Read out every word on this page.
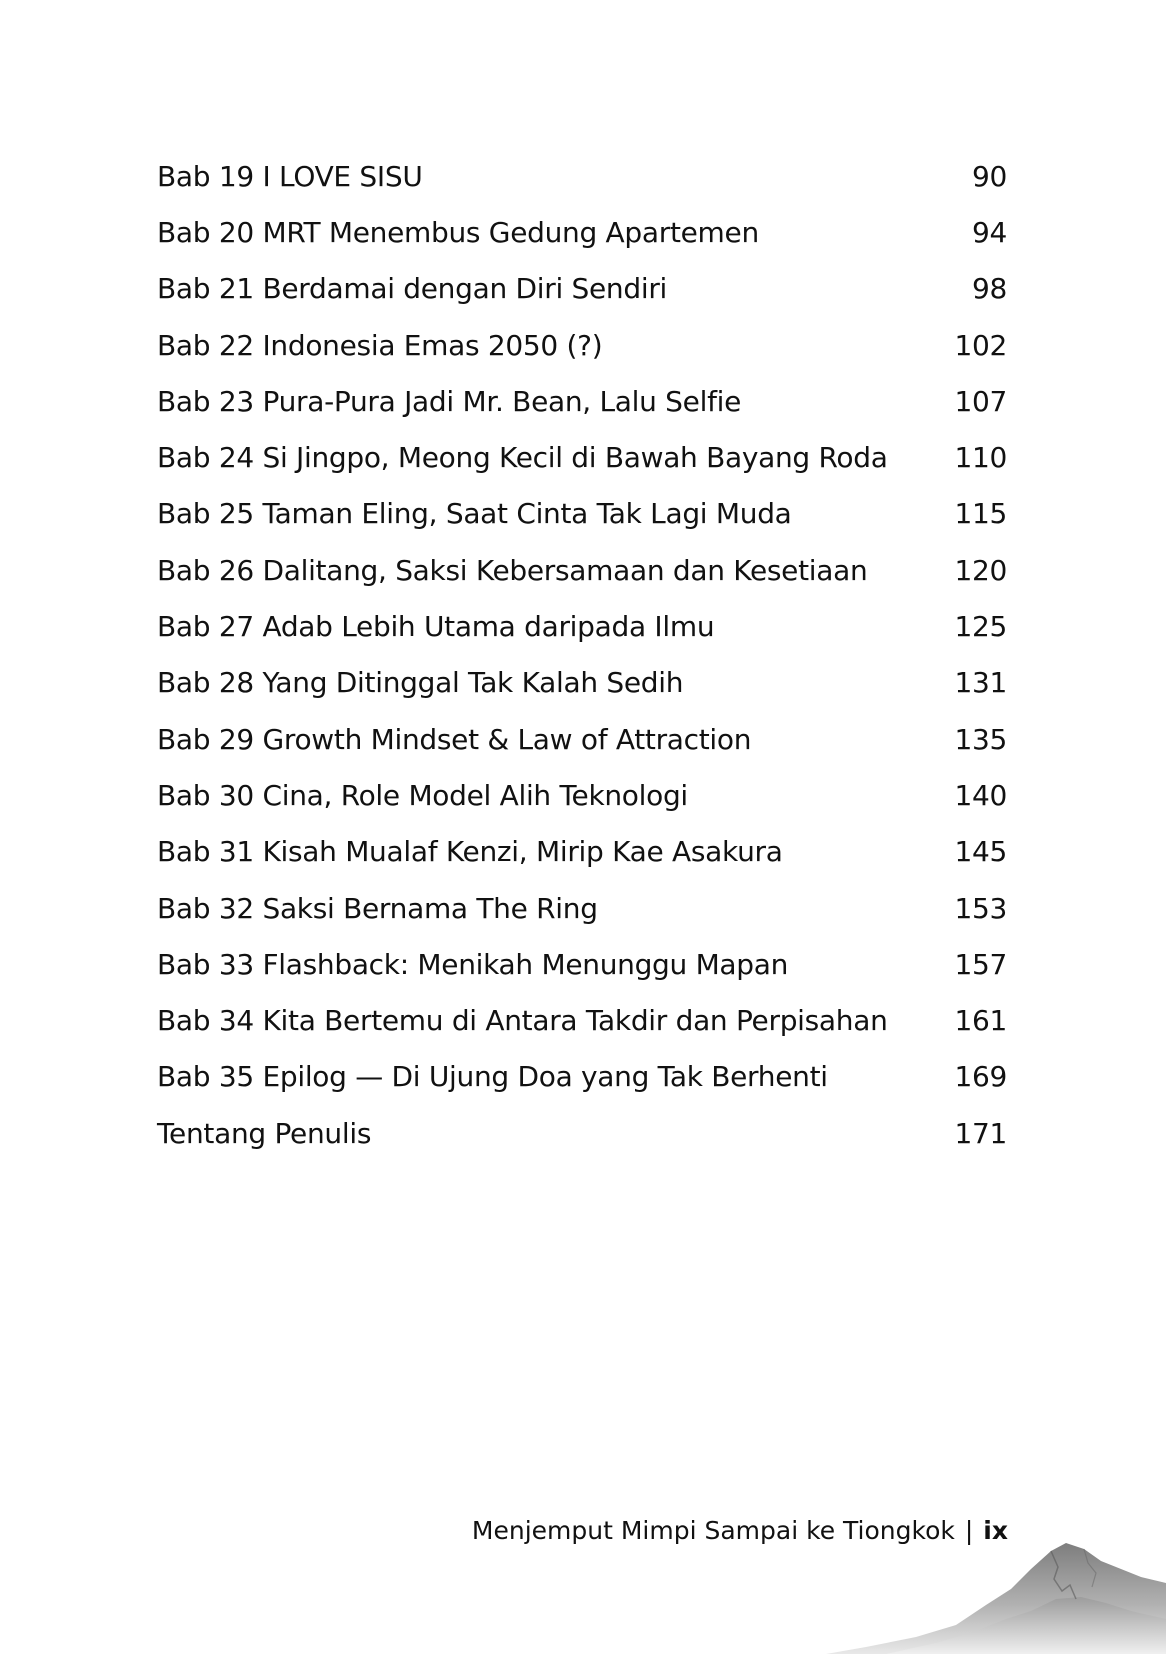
Bab 19 I LOVE SISU	90
Bab 20 MRT Menembus Gedung Apartemen	94
Bab 21 Berdamai dengan Diri Sendiri	98
Bab 22 Indonesia Emas 2050 (?)	102
Bab 23 Pura-Pura Jadi Mr. Bean, Lalu Selfie	107
Bab 24 Si Jingpo, Meong Kecil di Bawah Bayang Roda 110
Bab 25 Taman Eling, Saat Cinta Tak Lagi Muda	115
Bab 26 Dalitang, Saksi Kebersamaan dan Kesetiaan	120
Bab 27 Adab Lebih Utama daripada Ilmu	125
Bab 28 Yang Ditinggal Tak Kalah Sedih	131
Bab 29 Growth Mindset & Law of Attraction	135
Bab 30 Cina, Role Model Alih Teknologi	140
Bab 31 Kisah Mualaf Kenzi, Mirip Kae Asakura	145
Bab 32 Saksi Bernama The Ring	153
Bab 33 Flashback: Menikah Menunggu Mapan	157
Bab 34 Kita Bertemu di Antara Takdir dan Perpisahan 161
Bab 35 Epilog — Di Ujung Doa yang Tak Berhenti	169
Tentang Penulis	171
Menjemput Mimpi Sampai ke Tiongkok | ix
